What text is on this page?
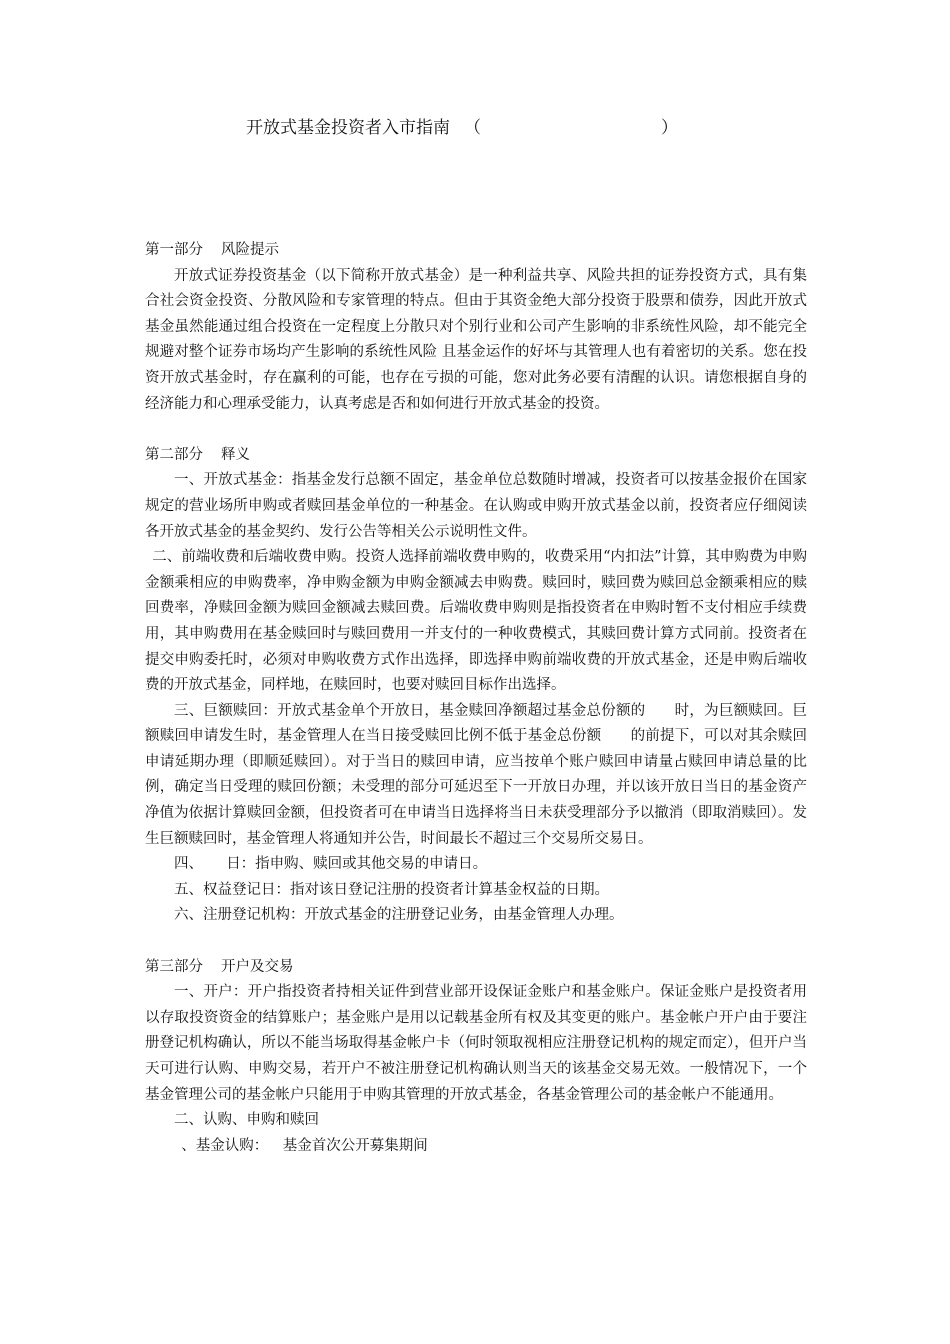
开放式基金投资者入市指南 （	）

第一部分 风险提示

开放式证券投资基金（以下简称开放式基金）是一种利益共享、风险共担的证券投资方式，具有集合社会资金投资、分散风险和专家管理的特点。但由于其资金绝大部分投资于股票和债券，因此开放式基金虽然能通过组合投资在一定程度上分散只对个别行业和公司产生影响的非系统性风险，却不能完全规避对整个证券市场均产生影响的系统性风险 且基金运作的好坏与其管理人也有着密切的关系。您在投资开放式基金时，存在赢利的可能，也存在亏损的可能，您对此务必要有清醒的认识。请您根据自身的经济能力和心理承受能力，认真考虑是否和如何进行开放式基金的投资。

第二部分 释义

一、开放式基金：指基金发行总额不固定，基金单位总数随时增减，投资者可以按基金报价在国家规定的营业场所申购或者赎回基金单位的一种基金。在认购或申购开放式基金以前，投资者应仔细阅读各开放式基金的基金契约、发行公告等相关公示说明性文件。

二、前端收费和后端收费申购。投资人选择前端收费申购的，收费采用“内扣法”计算，其申购费为申购金额乘相应的申购费率，净申购金额为申购金额减去申购费。赎回时，赎回费为赎回总金额乘相应的赎回费率，净赎回金额为赎回金额减去赎回费。后端收费申购则是指投资者在申购时暂不支付相应手续费用，其申购费用在基金赎回时与赎回费用一并支付的一种收费模式，其赎回费计算方式同前。投资者在提交申购委托时，必须对申购收费方式作出选择，即选择申购前端收费的开放式基金，还是申购后端收费的开放式基金，同样地，在赎回时，也要对赎回目标作出选择。

三、巨额赎回：开放式基金单个开放日，基金赎回净额超过基金总份额的 时，为巨额赎回。巨额赎回申请发生时，基金管理人在当日接受赎回比例不低于基金总份额 的前提下，可以对其余赎回申请延期办理（即顺延赎回）。对于当日的赎回申请，应当按单个账户赎回申请量占赎回申请总量的比例，确定当日受理的赎回份额；未受理的部分可延迟至下一开放日办理，并以该开放日当日的基金资产净值为依据计算赎回金额，但投资者可在申请当日选择将当日未获受理部分予以撤消（即取消赎回）。发生巨额赎回时，基金管理人将通知并公告，时间最长不超过三个交易所交易日。

四、 日：指申购、赎回或其他交易的申请日。

五、权益登记日：指对该日登记注册的投资者计算基金权益的日期。

六、注册登记机构：开放式基金的注册登记业务，由基金管理人办理。

第三部分 开户及交易

一、开户：开户指投资者持相关证件到营业部开设保证金账户和基金账户。保证金账户是投资者用以存取投资资金的结算账户；基金账户是用以记载基金所有权及其变更的账户。基金帐户开户由于要注册登记机构确认，所以不能当场取得基金帐户卡（何时领取视相应注册登记机构的规定而定），但开户当天可进行认购、申购交易，若开户不被注册登记机构确认则当天的该基金交易无效。一般情况下，一个基金管理公司的基金帐户只能用于申购其管理的开放式基金，各基金管理公司的基金帐户不能通用。

二、认购、申购和赎回

、基金认购： 基金首次公开募集期间
